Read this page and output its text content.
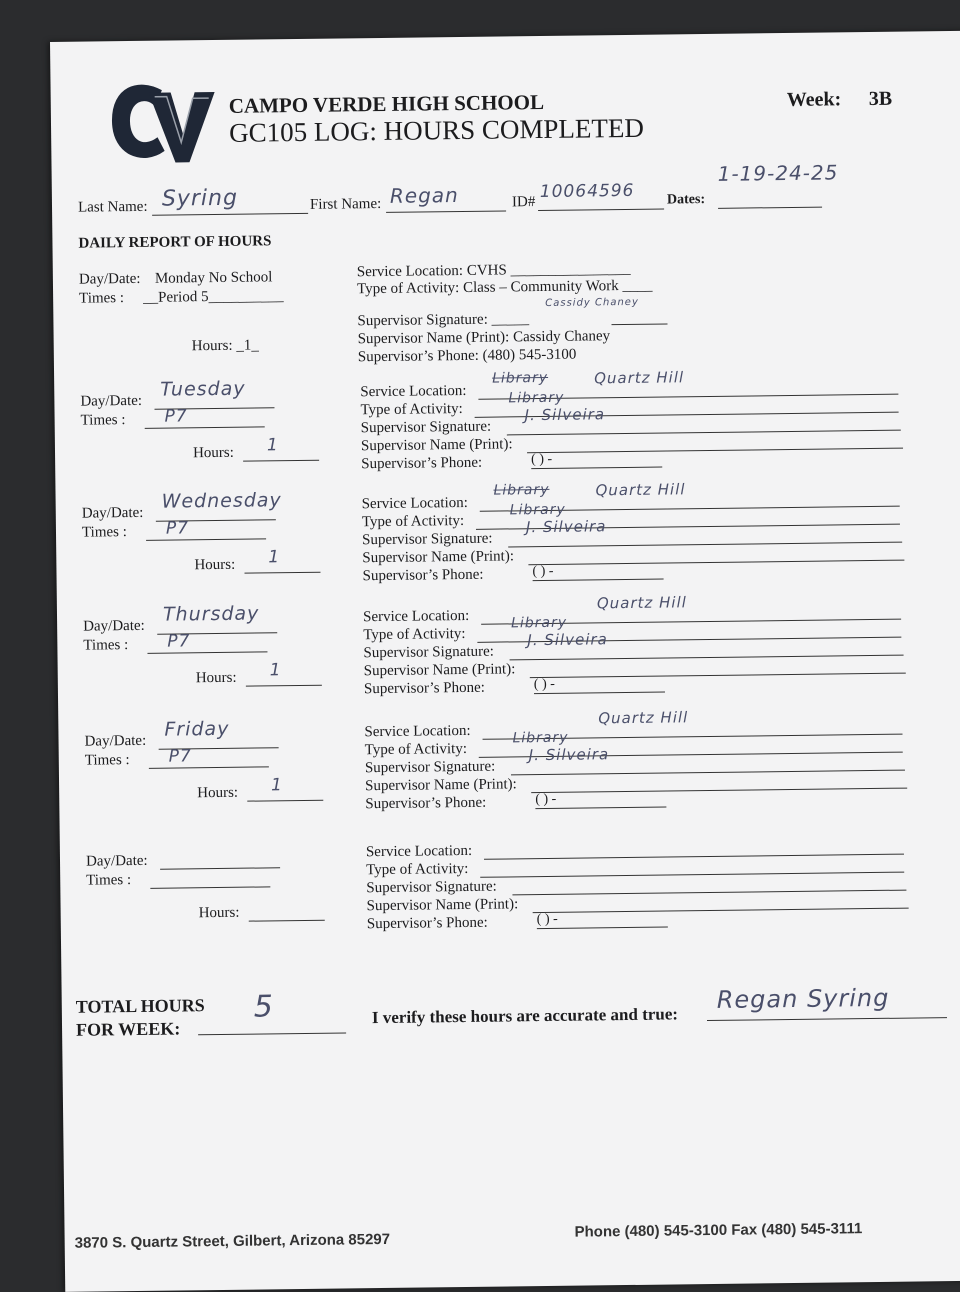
CAMPO VERDE HIGH SCHOOL
GC105 LOG: HOURS COMPLETED
Week: 3B
Last Name: Syring	First Name: Regan	ID#
10064596 Dates:
1-19-24-25
DAILY REPORT OF HOURS
Day/Date: Monday No School
Times : __Period 5__________
Hours: _1_
Service Location: CVHS ________________
Type of Activity: Class – Community Work ____
Supervisor Signature: _____
Cassidy Chaney
Supervisor Name (Print): Cassidy Chaney
Supervisor’s Phone: (480) 545-3100
Day/Date:
Tuesday
Times : P7
Hours: 1
Service Location:
Library	Quartz Hill
Type of Activity:
Library
Supervisor Signature:
J. Silveira
Supervisor Name (Print):
Supervisor’s Phone:	( ) -
Day/Date:
Wednesday
Times : P7
Hours: 1
Service Location:
Library	Quartz Hill
Type of Activity:
Library
Supervisor Signature:
J. Silveira
Supervisor Name (Print):
Supervisor’s Phone:	( ) -
Day/Date:
Thursday
Times : P7
Hours: 1
Service Location:
Quartz Hill
Type of Activity:
Library
Supervisor Signature:
J. Silveira
Supervisor Name (Print):
Supervisor’s Phone:	( ) -
Day/Date:
Friday
Times : P7
Hours: 1
Service Location:
Quartz Hill
Type of Activity:
Library
Supervisor Signature:
J. Silveira
Supervisor Name (Print):
Supervisor’s Phone:	( ) -
Day/Date:
Times :
Hours:
Service Location:
Type of Activity:
Supervisor Signature:
Supervisor Name (Print):
Supervisor’s Phone:	( ) -
TOTAL HOURS
FOR WEEK:
5	I verify these hours are accurate and true:
Regan Syring
3870 S. Quartz Street, Gilbert, Arizona 85297
Phone (480) 545-3100 Fax (480) 545-3111
